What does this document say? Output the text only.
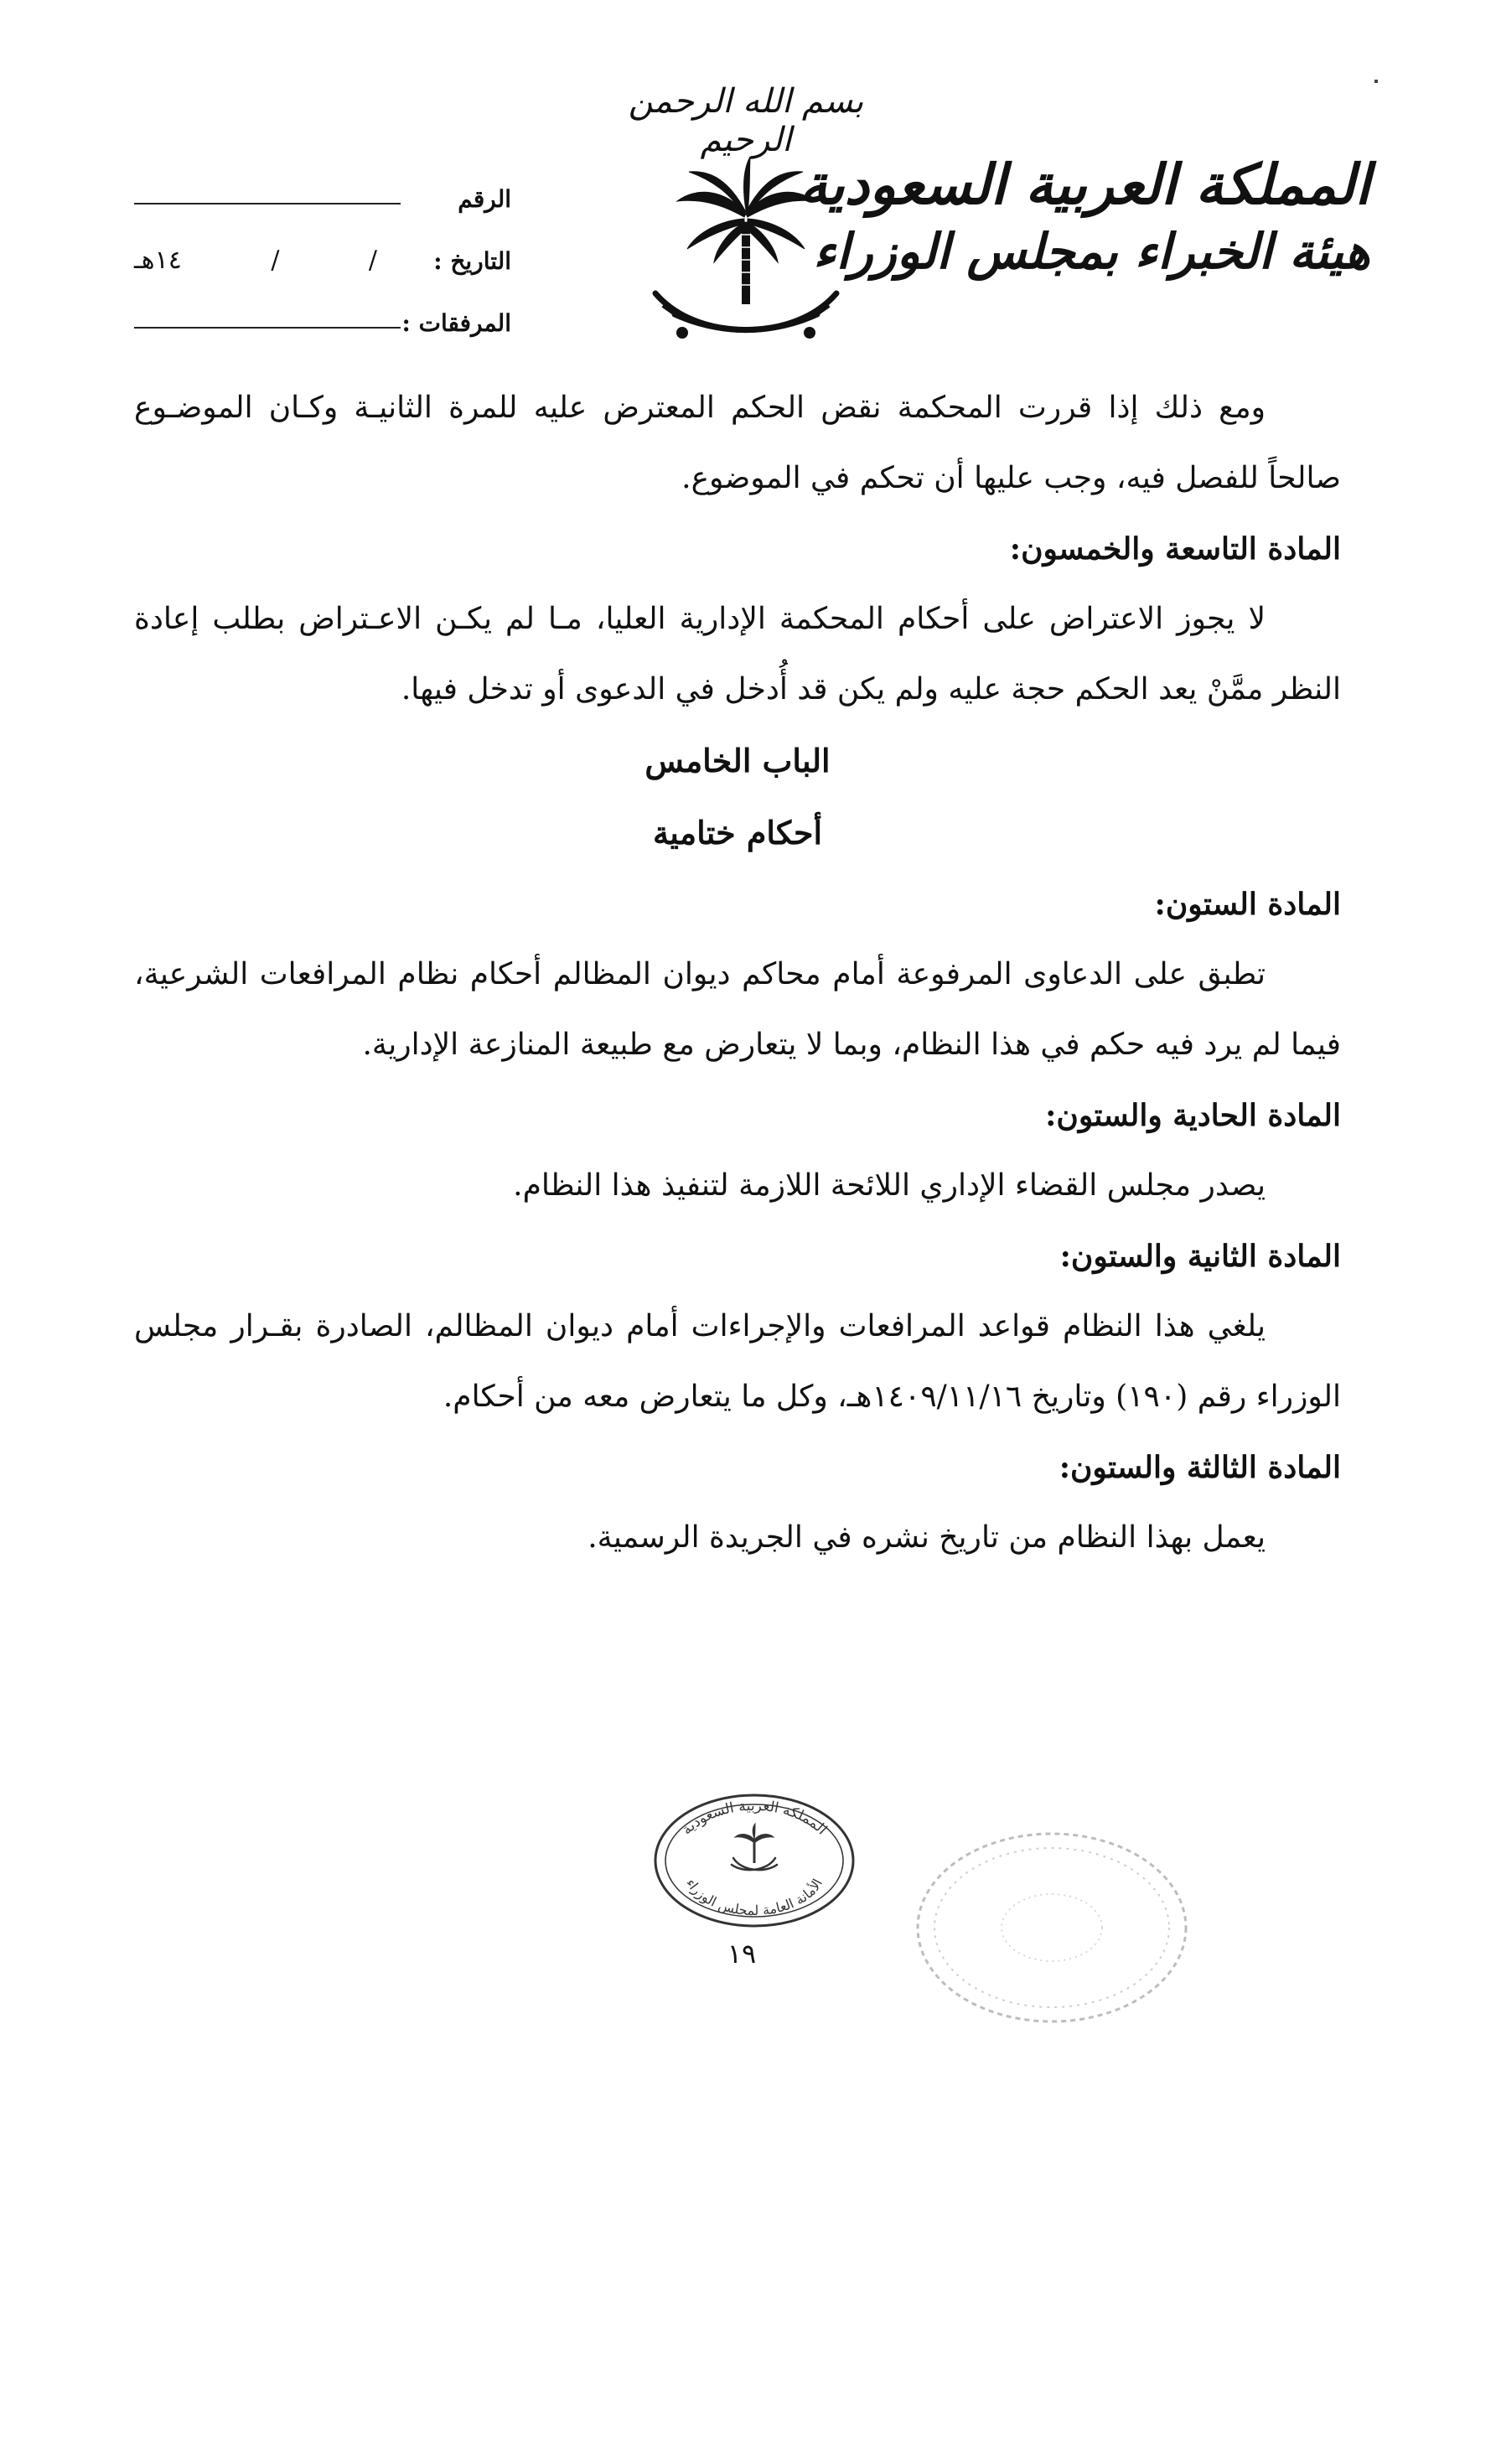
بسم الله الرحمن الرحيم
المملكة العربية السعودية
هيئة الخبراء بمجلس الوزراء
الرقم
التاريخ :
/
/
١٤هـ
المرفقات :

ومع ذلك إذا قررت المحكمة نقض الحكم المعترض عليه للمرة الثانيـة وكـان الموضـوع صالحاً للفصل فيه، وجب عليها أن تحكم في الموضوع.

المادة التاسعة والخمسون:

لا يجوز الاعتراض على أحكام المحكمة الإدارية العليا، مـا لم يكـن الاعـتراض بطلب إعادة النظر ممَّنْ يعد الحكم حجة عليه ولم يكن قد أُدخل في الدعوى أو تدخل فيها.

الباب الخامس

أحكام ختامية

المادة الستون:

تطبق على الدعاوى المرفوعة أمام محاكم ديوان المظالم أحكام نظام المرافعات الشرعية، فيما لم يرد فيه حكم في هذا النظام، وبما لا يتعارض مع طبيعة المنازعة الإدارية.

المادة الحادية والستون:

يصدر مجلس القضاء الإداري اللائحة اللازمة لتنفيذ هذا النظام.

المادة الثانية والستون:

يلغي هذا النظام قواعد المرافعات والإجراءات أمام ديوان المظالم، الصادرة بقـرار مجلس الوزراء رقم (١٩٠) وتاريخ ١٤٠٩/١١/١٦هـ، وكل ما يتعارض معه من أحكام.

المادة الثالثة والستون:

يعمل بهذا النظام من تاريخ نشره في الجريدة الرسمية.

المملكة العربية السعودية
الأمانة العامة لمجلس الوزراء
١٩
